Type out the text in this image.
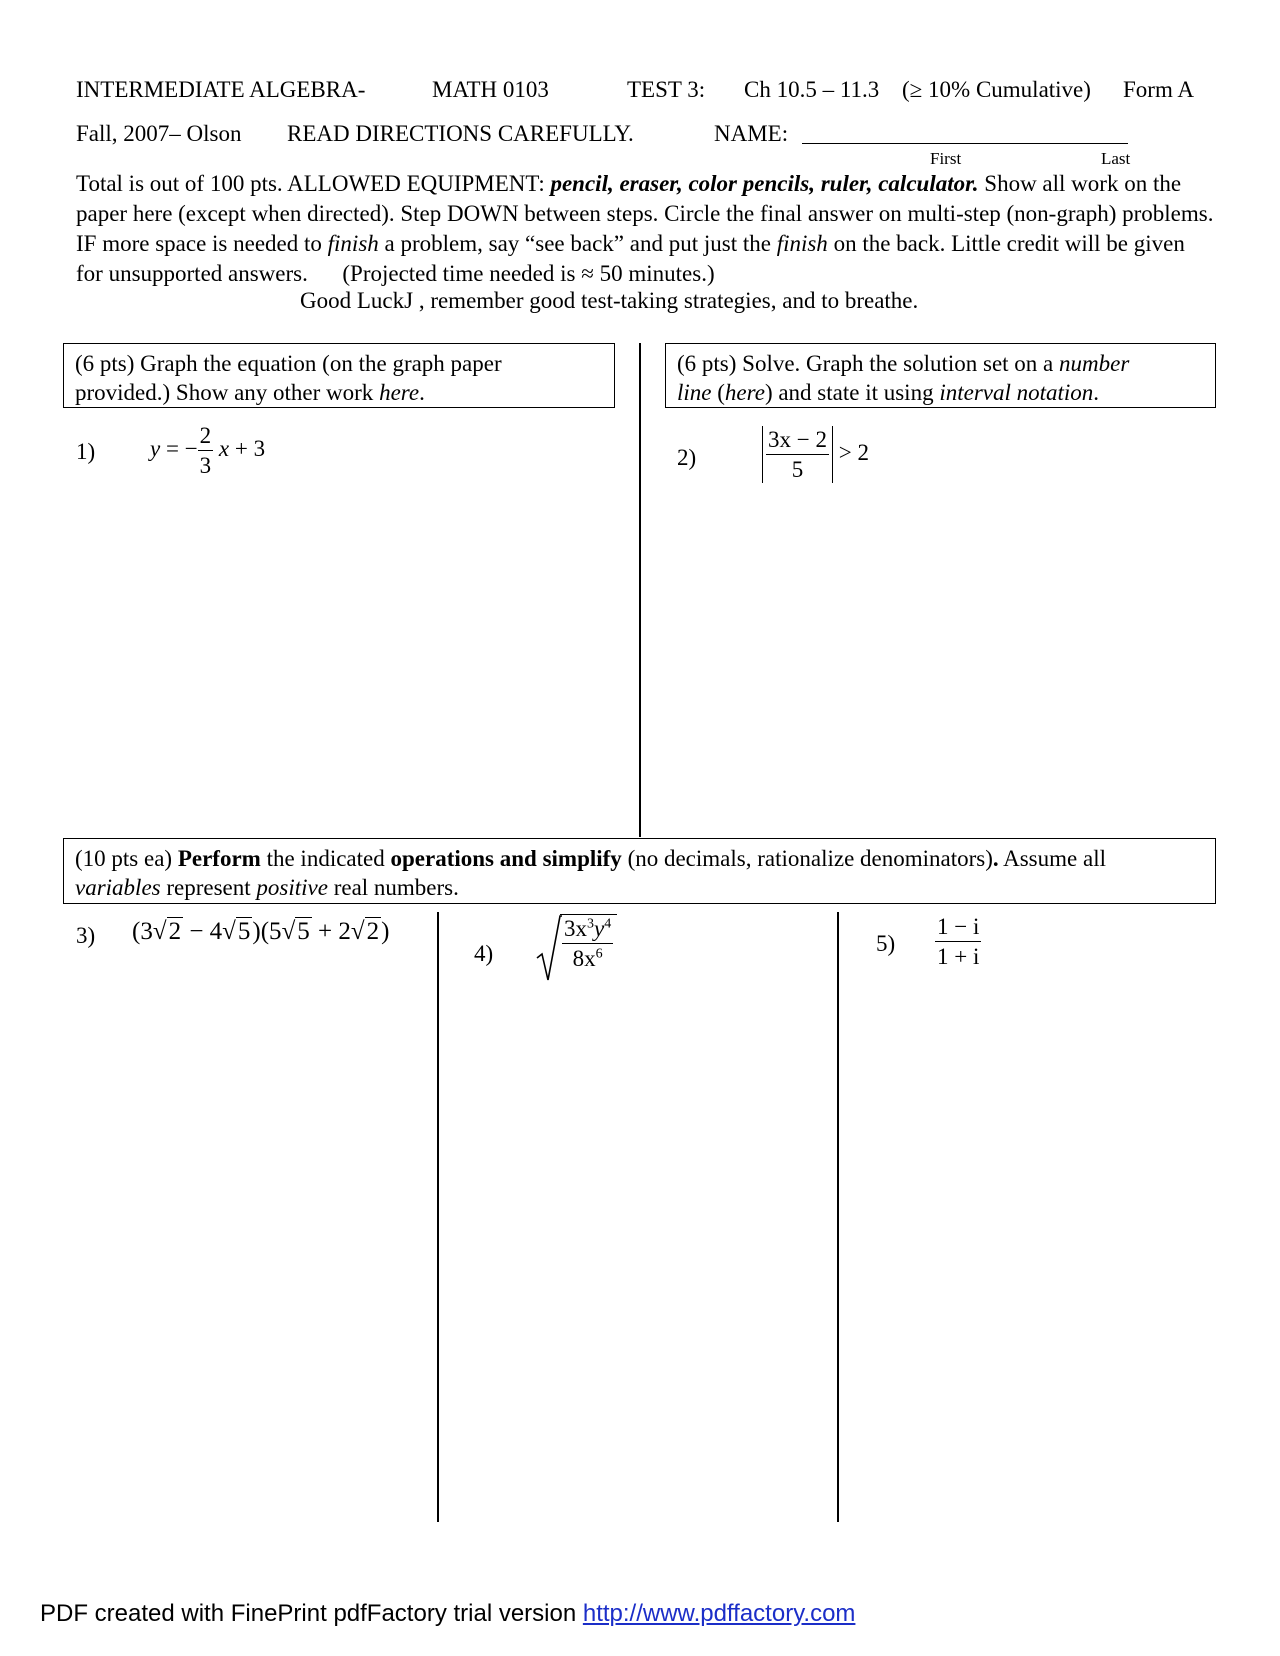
INTERMEDIATE ALGEBRA-	MATH 0103	TEST 3: Ch 10.5 – 11.3 (≥ 10% Cumulative) Form A
Fall, 2007– Olson READ DIRECTIONS CAREFULLY.	NAME:
First	Last
Total is out of 100 pts. ALLOWED EQUIPMENT: pencil, eraser, color pencils, ruler, calculator. Show all work on the paper here (except when directed). Step DOWN between steps. Circle the final answer on multi-step (non-graph) problems. IF more space is needed to finish a problem, say “see back” and put just the finish on the back. Little credit will be given for unsupported answers. (Projected time needed is ≈ 50 minutes.)
Good LuckJ , remember good test-taking strategies, and to breathe.
(6 pts) Graph the equation (on the graph paper
provided.) Show any other work here.
(6 pts) Solve. Graph the solution set on a number
line (here) and state it using interval notation.
1) y = − $\frac{2}{3}$ x + 3	2)	$\frac{3x - 2}{5} > 2$
(10 pts ea) Perform the indicated operations and simplify (no decimals, rationalize denominators). Assume all
variables represent positive real numbers.
3) (3√2 − 4√5)(5√5 + 2√2)
4)	$\frac{3x^3y^4}{8x^6}$	$5) \frac{1 - i}{1 + i}$
PDF created with FinePrint pdfFactory trial version http://www.pdffactory.com
